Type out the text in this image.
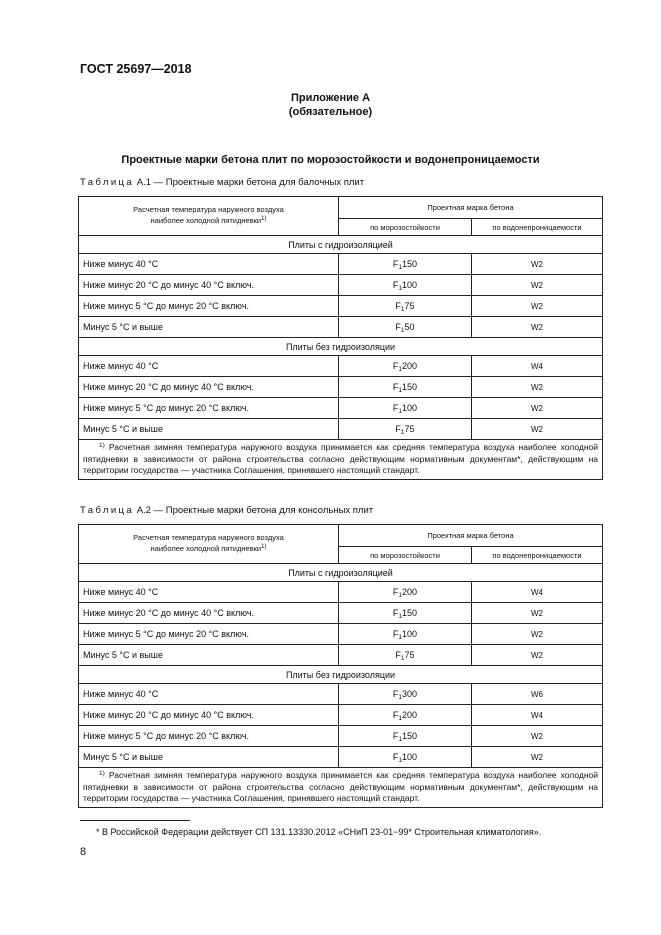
ГОСТ 25697—2018
Приложение А
(обязательное)
Проектные марки бетона плит по морозостойкости и водонепроницаемости
Таблица А.1 — Проектные марки бетона для балочных плит
Расчетная температура наружного воздуха
наиболее холодной пятидневки$^{1)}$	Проектная марка бетона	
	по морозостойкости	по водонепроницаемости
Плиты с гидроизоляцией		
Ниже минус 40 °С	$F_1150$	W2
Ниже минус 20 °С до минус 40 °С включ.	$F_1100$	W2
Ниже минус 5 °С до минус 20 °С включ.	$F_175$	W2
Минус 5 °С и выше	$F_150$	W2
Плиты без гидроизоляции		
Ниже минус 40 °С	$F_1200$	W4
Ниже минус 20 °С до минус 40 °С включ.	$F_1150$	W2
Ниже минус 5 °С до минус 20 °С включ.	$F_1100$	W2
Минус 5 °С и выше	$F_175$	W2
$^{1)}$ Расчетная зимняя температура наружного воздуха принимается как средняя температура воздуха наиболее холодной пятидневки в зависимости от района строительства согласно действующим нормативным документам*, действующим на территории государства — участника Соглашения, принявшего настоящий стандарт.		
Таблица А.2 — Проектные марки бетона для консольных плит
Расчетная температура наружного воздуха
наиболее холодной пятидневки$^{1)}$	Проектная марка бетона	
	по морозостойкости	по водонепроницаемости
Плиты с гидроизоляцией		
Ниже минус 40 °С	$F_1200$	W4
Ниже минус 20 °С до минус 40 °С включ.	$F_1150$	W2
Ниже минус 5 °С до минус 20 °С включ.	$F_1100$	W2
Минус 5 °С и выше	$F_175$	W2
Плиты без гидроизоляции		
Ниже минус 40 °С	$F_1300$	W6
Ниже минус 20 °С до минус 40 °С включ.	$F_1200$	W4
Ниже минус 5 °С до минус 20 °С включ.	$F_1150$	W2
Минус 5 °С и выше	$F_1100$	W2
$^{1)}$ Расчетная зимняя температура наружного воздуха принимается как средняя температура воздуха наиболее холодной пятидневки в зависимости от района строительства согласно действующим нормативным документам*, действующим на территории государства — участника Соглашения, принявшего настоящий стандарт.		
* В Российской Федерации действует СП 131.13330.2012 «СНиП 23-01−99* Строительная климатология».
8
